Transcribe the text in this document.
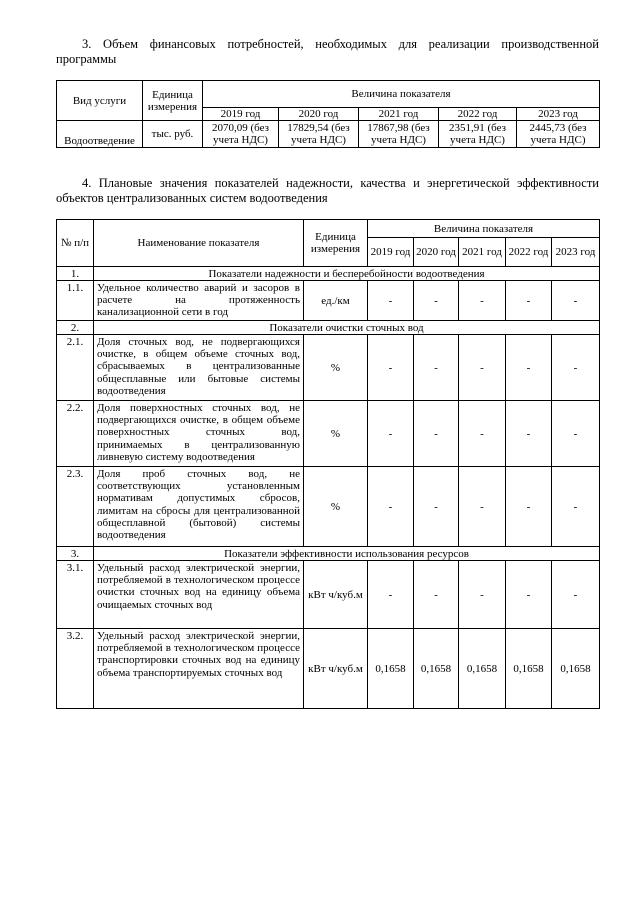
3. Объем финансовых потребностей, необходимых для реализации производственной
программы
Вид услуги	Единица измерения	Величина показателя				
		2019 год	2020 год	2021 год	2022 год	2023 год
Водоотведение	тыс. руб.	2070,09 (без учета НДС)	17829,54 (без учета НДС)	17867,98 (без учета НДС)	2351,91 (без учета НДС)	2445,73 (без учета НДС)
4. Плановые значения показателей надежности, качества и энергетической эффективности
объектов централизованных систем водоотведения
№ п/п	Наименование показателя	Единица измерения	Величина показателя				
			2019 год	2020 год	2021 год	2022 год	2023 год
1.	Показатели надежности и бесперебойности водоотведения						
1.1.	Удельное количество аварий и засоров в расчете на протяженность канализационной сети в год	ед./км	-	-	-	-	-
2.	Показатели очистки сточных вод						
2.1.	Доля сточных вод, не подвергающихся очистке, в общем объеме сточных вод, сбрасываемых в централизованные общесплавные или бытовые системы водоотведения	%	-	-	-	-	-
2.2.	Доля поверхностных сточных вод, не подвергающихся очистке, в общем объеме поверхностных сточных вод, принимаемых в централизованную ливневую систему водоотведения	%	-	-	-	-	-
2.3.	Доля проб сточных вод, не соответствующих установленным нормативам допустимых сбросов, лимитам на сбросы для централизованной общесплавной (бытовой) системы водоотведения	%	-	-	-	-	-
3.	Показатели эффективности использования ресурсов						
3.1.	Удельный расход электрической энергии, потребляемой в технологическом процессе очистки сточных вод на единицу объема очищаемых сточных вод	кВт ч/куб.м	-	-	-	-	-
3.2.	Удельный расход электрической энергии, потребляемой в технологическом процессе транспортировки сточных вод на единицу объема транспортируемых сточных вод	кВт ч/куб.м	0,1658	0,1658	0,1658	0,1658	0,1658
